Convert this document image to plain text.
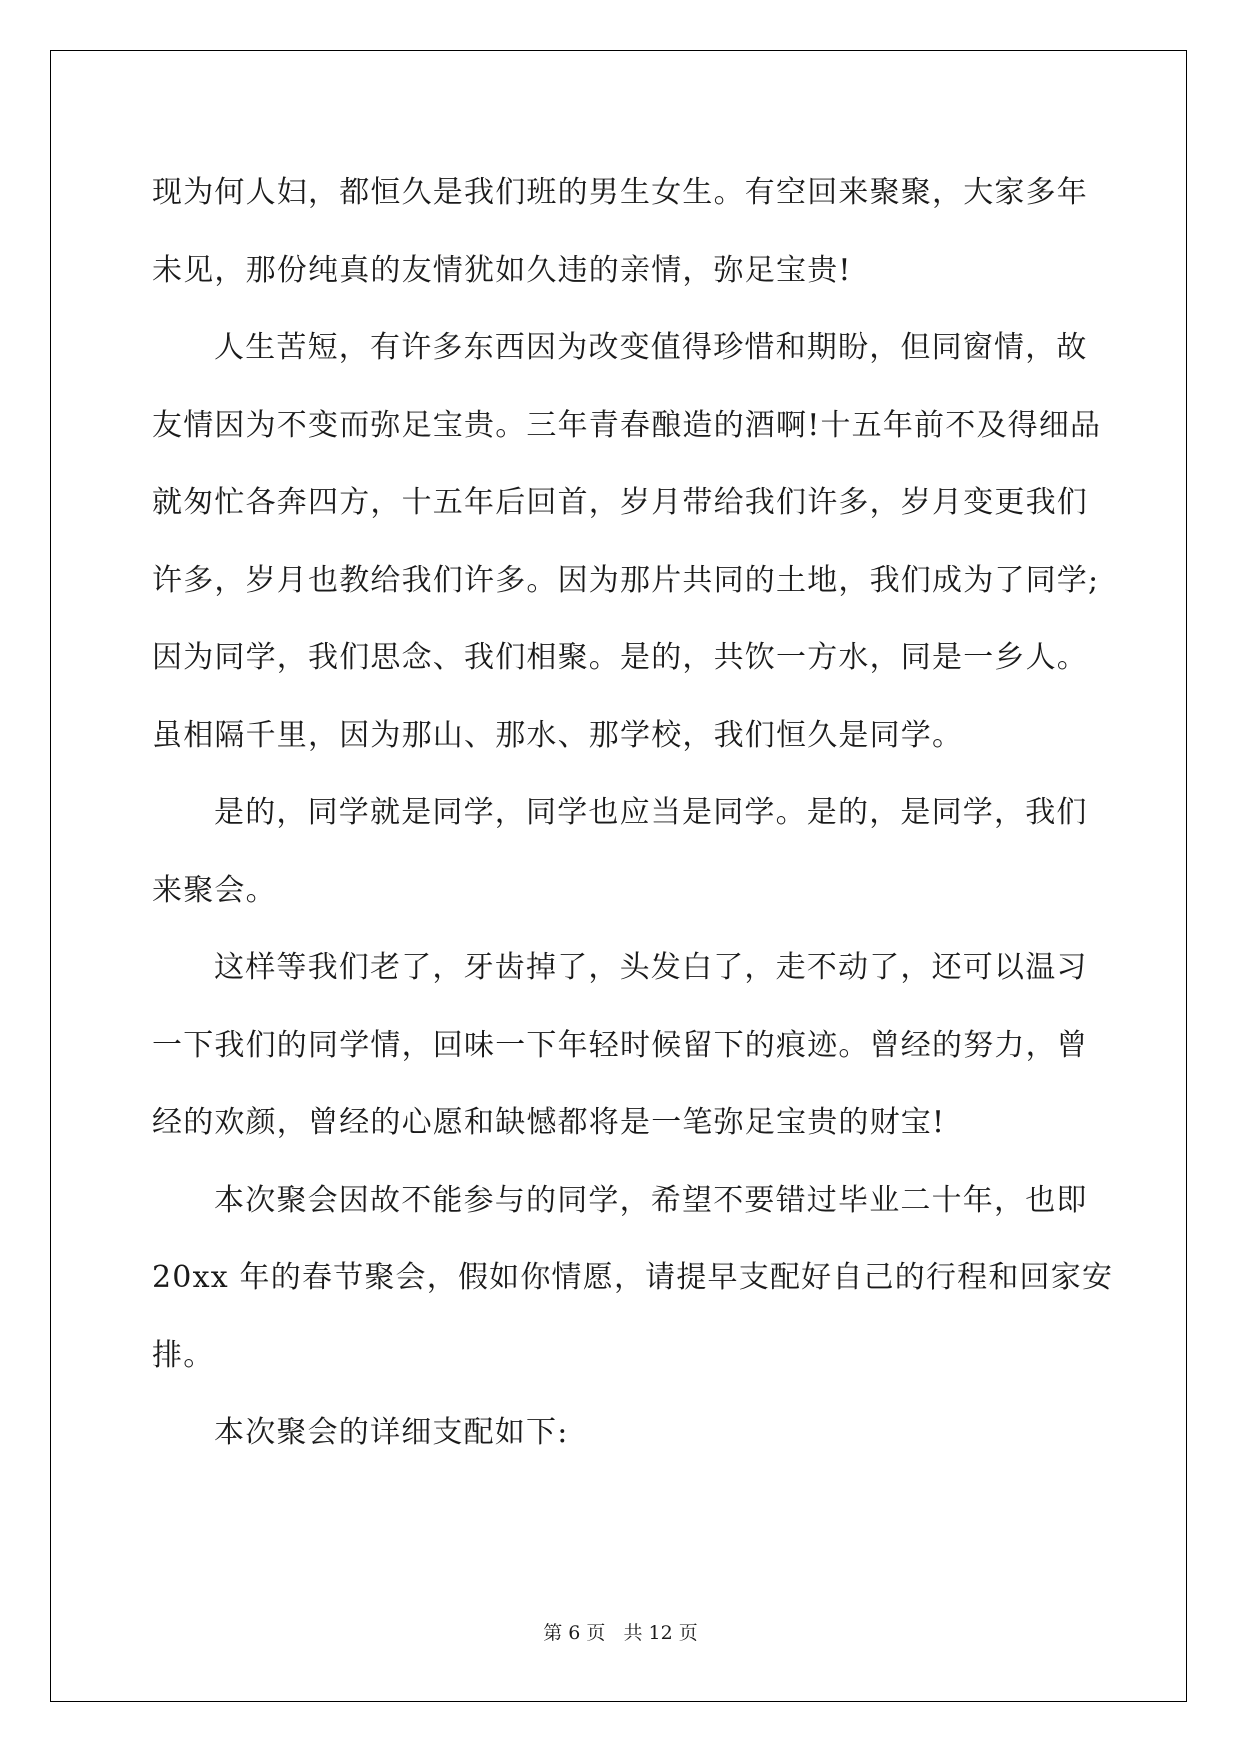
现为何人妇，都恒久是我们班的男生女生。有空回来聚聚，大家多年
未见，那份纯真的友情犹如久违的亲情，弥足宝贵!

人生苦短，有许多东西因为改变值得珍惜和期盼，但同窗情，故
友情因为不变而弥足宝贵。三年青春酿造的酒啊!十五年前不及得细品
就匆忙各奔四方，十五年后回首，岁月带给我们许多，岁月变更我们
许多，岁月也教给我们许多。因为那片共同的土地，我们成为了同学;
因为同学，我们思念、我们相聚。是的，共饮一方水，同是一乡人。
虽相隔千里，因为那山、那水、那学校，我们恒久是同学。

是的，同学就是同学，同学也应当是同学。是的，是同学，我们
来聚会。

这样等我们老了，牙齿掉了，头发白了，走不动了，还可以温习
一下我们的同学情，回味一下年轻时候留下的痕迹。曾经的努力，曾
经的欢颜，曾经的心愿和缺憾都将是一笔弥足宝贵的财宝!

本次聚会因故不能参与的同学，希望不要错过毕业二十年，也即
20xx 年的春节聚会，假如你情愿，请提早支配好自己的行程和回家安
排。

本次聚会的详细支配如下:

第 6 页 共 12 页
